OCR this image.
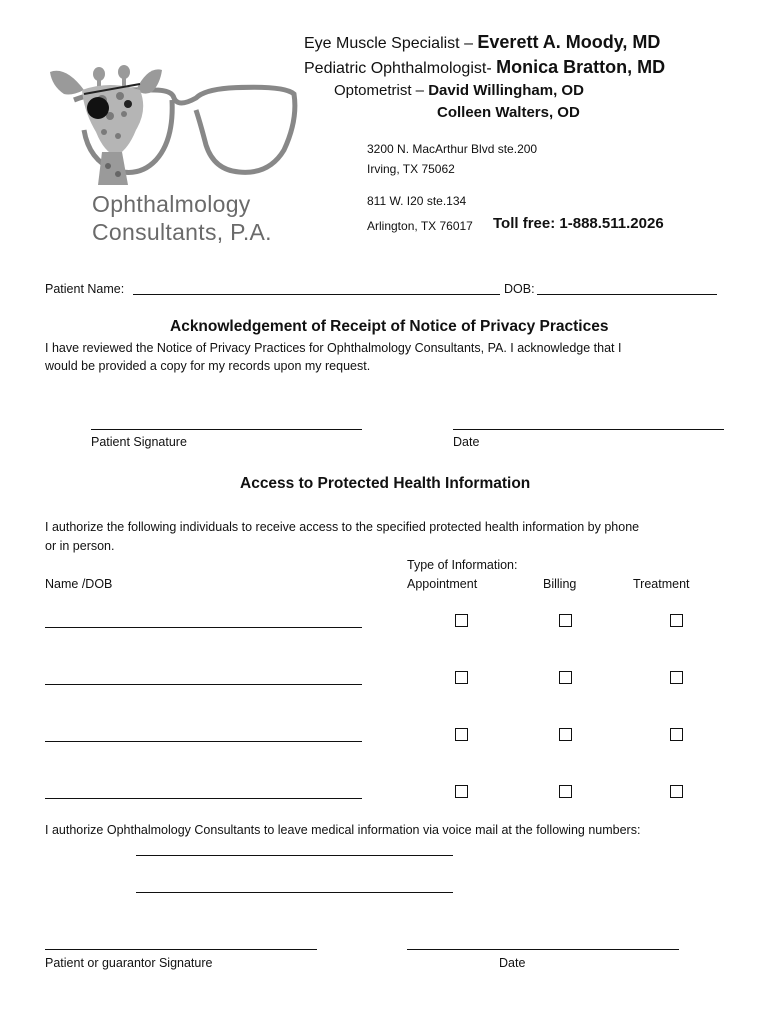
Eye Muscle Specialist – Everett A. Moody, MD
Pediatric Ophthalmologist- Monica Bratton, MD
Optometrist – David Willingham, OD
Colleen Walters, OD
3200 N. MacArthur Blvd ste.200
Irving, TX 75062
811 W. I20 ste.134
Arlington, TX 76017 Toll free: 1-888.511.2026
Ophthalmology
Consultants, P.A.
Patient Name:	DOB:
Acknowledgement of Receipt of Notice of Privacy Practices
I have reviewed the Notice of Privacy Practices for Ophthalmology Consultants, PA. I acknowledge that I
would be provided a copy for my records upon my request.
Patient Signature	Date
Access to Protected Health Information
I authorize the following individuals to receive access to the specified protected health information by phone
or in person.
Type of Information:
Name /DOB	Appointment	Billing	Treatment
I authorize Ophthalmology Consultants to leave medical information via voice mail at the following numbers:
Patient or guarantor Signature	Date
